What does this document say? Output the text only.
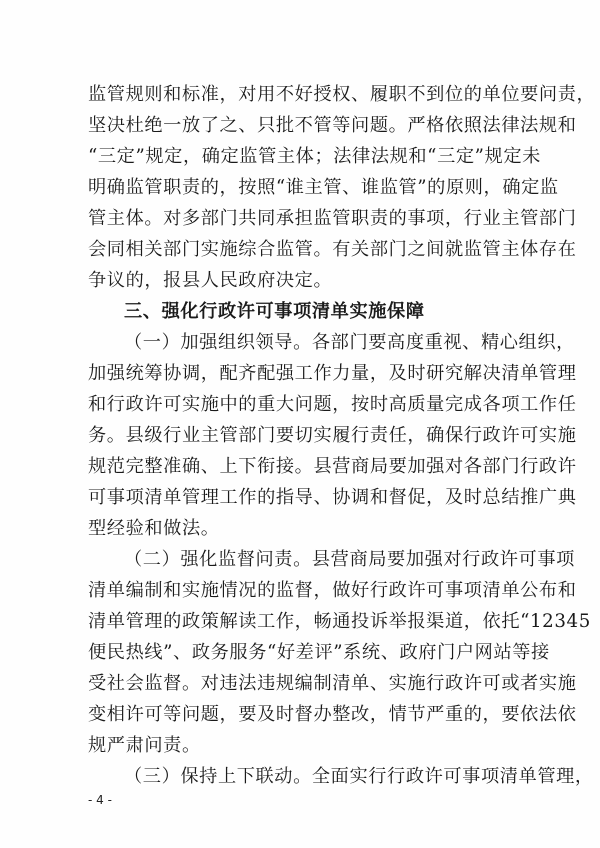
监管规则和标准，对用不好授权、履职不到位的单位要问责，
坚决杜绝一放了之、只批不管等问题。严格依照法律法规和
“三定”规定，确定监管主体；法律法规和“三定”规定未
明确监管职责的，按照“谁主管、谁监管”的原则，确定监
管主体。对多部门共同承担监管职责的事项，行业主管部门
会同相关部门实施综合监管。有关部门之间就监管主体存在
争议的，报县人民政府决定。
三、强化行政许可事项清单实施保障
（一）加强组织领导。各部门要高度重视、精心组织，
加强统筹协调，配齐配强工作力量，及时研究解决清单管理
和行政许可实施中的重大问题，按时高质量完成各项工作任
务。县级行业主管部门要切实履行责任，确保行政许可实施
规范完整准确、上下衔接。县营商局要加强对各部门行政许
可事项清单管理工作的指导、协调和督促，及时总结推广典
型经验和做法。
（二）强化监督问责。县营商局要加强对行政许可事项
清单编制和实施情况的监督，做好行政许可事项清单公布和
清单管理的政策解读工作，畅通投诉举报渠道，依托“12345
便民热线”、政务服务“好差评”系统、政府门户网站等接
受社会监督。对违法违规编制清单、实施行政许可或者实施
变相许可等问题，要及时督办整改，情节严重的，要依法依
规严肃问责。
（三）保持上下联动。全面实行行政许可事项清单管理，
- 4 -
